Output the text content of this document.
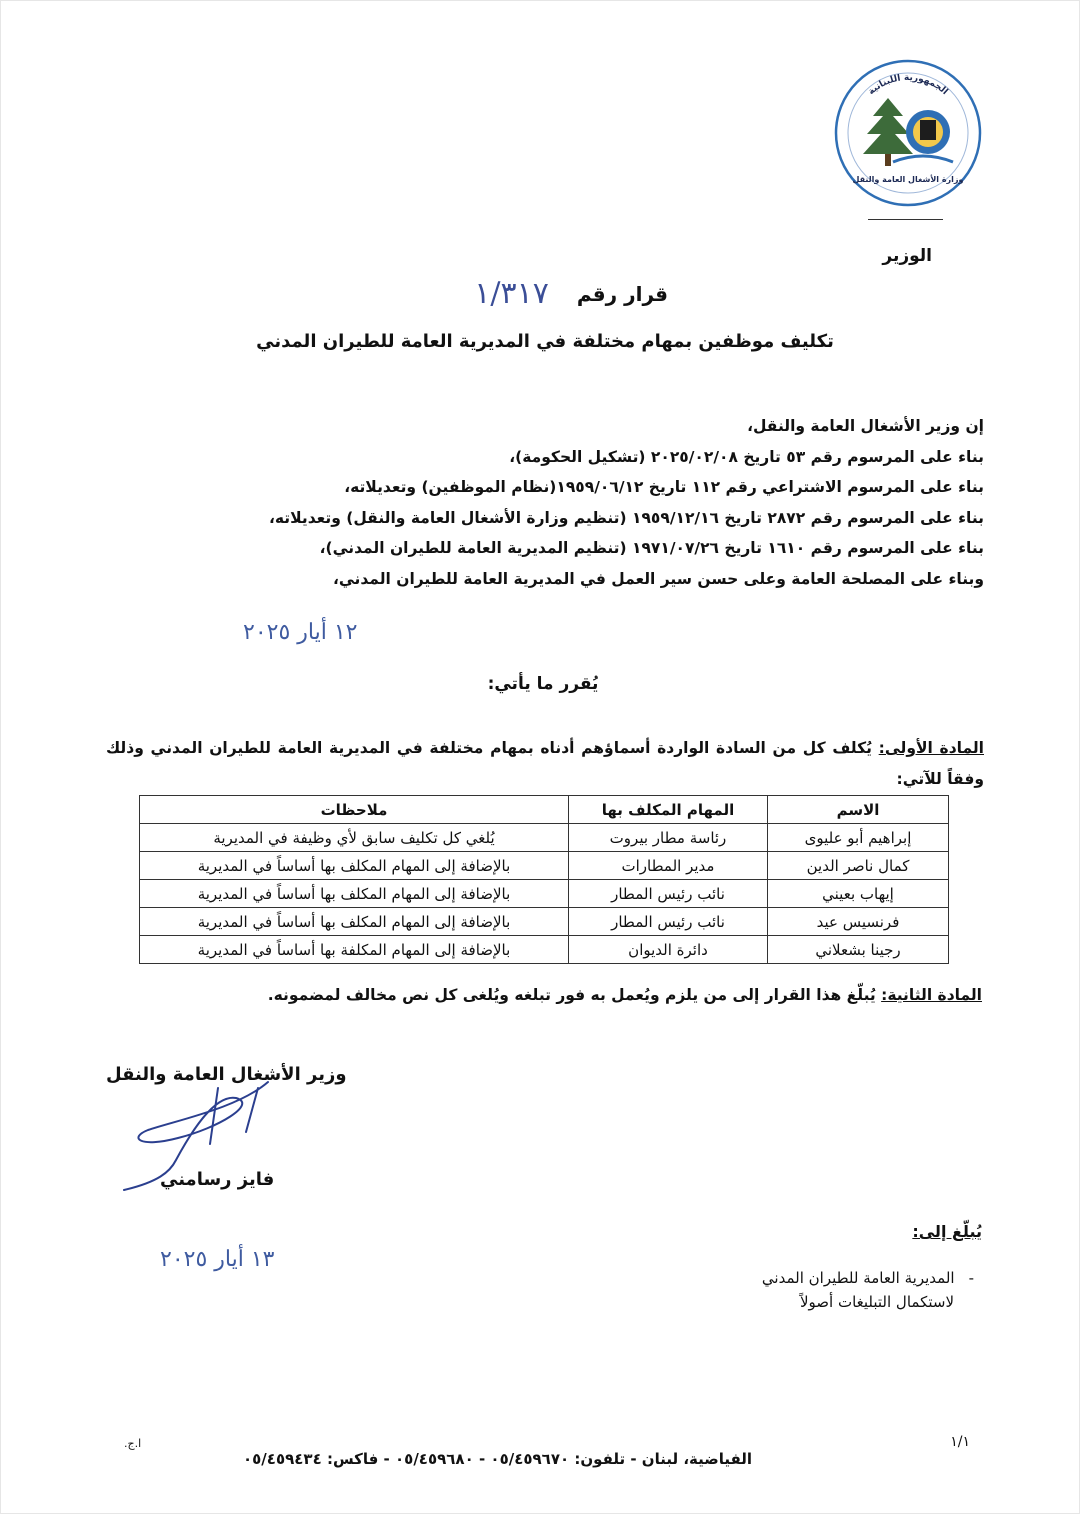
الجمهورية اللبنانية
وزارة الأشغال العامة والنقل
الوزير
قرار رقم
١/٣١٧
تكليف موظفين بمهام مختلفة في المديرية العامة للطيران المدني
إن وزير الأشغال العامة والنقل،
بناء على المرسوم رقم ٥٣ تاريخ ٢٠٢٥/٠٢/٠٨ (تشكيل الحكومة)،
بناء على المرسوم الاشتراعي رقم ١١٢ تاريخ ١٩٥٩/٠٦/١٢(نظام الموظفين) وتعديلاته،
بناء على المرسوم رقم ٢٨٧٢ تاريخ ١٩٥٩/١٢/١٦ (تنظيم وزارة الأشغال العامة والنقل) وتعديلاته،
بناء على المرسوم رقم ١٦١٠ تاريخ ١٩٧١/٠٧/٢٦ (تنظيم المديرية العامة للطيران المدني)،
وبناء على المصلحة العامة وعلى حسن سير العمل في المديرية العامة للطيران المدني،
١٢ أيار ٢٠٢٥
يُقرر ما يأتي:
المادة الأولى: يُكلف كل من السادة الواردة أسماؤهم أدناه بمهام مختلفة في المديرية العامة للطيران المدني وذلك وفقاً للآتي:
الاسم	المهام المكلف بها	ملاحظات
إبراهيم أبو عليوى	رئاسة مطار بيروت	يُلغي كل تكليف سابق لأي وظيفة في المديرية
كمال ناصر الدين	مدير المطارات	بالإضافة إلى المهام المكلف بها أساساً في المديرية
إيهاب بعيني	نائب رئيس المطار	بالإضافة إلى المهام المكلف بها أساساً في المديرية
فرنسيس عيد	نائب رئيس المطار	بالإضافة إلى المهام المكلف بها أساساً في المديرية
رجينا بشعلاني	دائرة الديوان	بالإضافة إلى المهام المكلفة بها أساساً في المديرية
المادة الثانية: يُبلّغ هذا القرار إلى من يلزم ويُعمل به فور تبلغه ويُلغى كل نص مخالف لمضمونه.
وزير الأشغال العامة والنقل
فايز رسامني
١٣ أيار ٢٠٢٥
يُبلّغ إلى:
-المديرية العامة للطيران المدني
لاستكمال التبليغات أصولاً
١/١
ا.ج.
الفياضية، لبنان - تلفون: ٠٥/٤٥٩٦٧٠ - ٠٥/٤٥٩٦٨٠ - فاكس: ٠٥/٤٥٩٤٣٤
